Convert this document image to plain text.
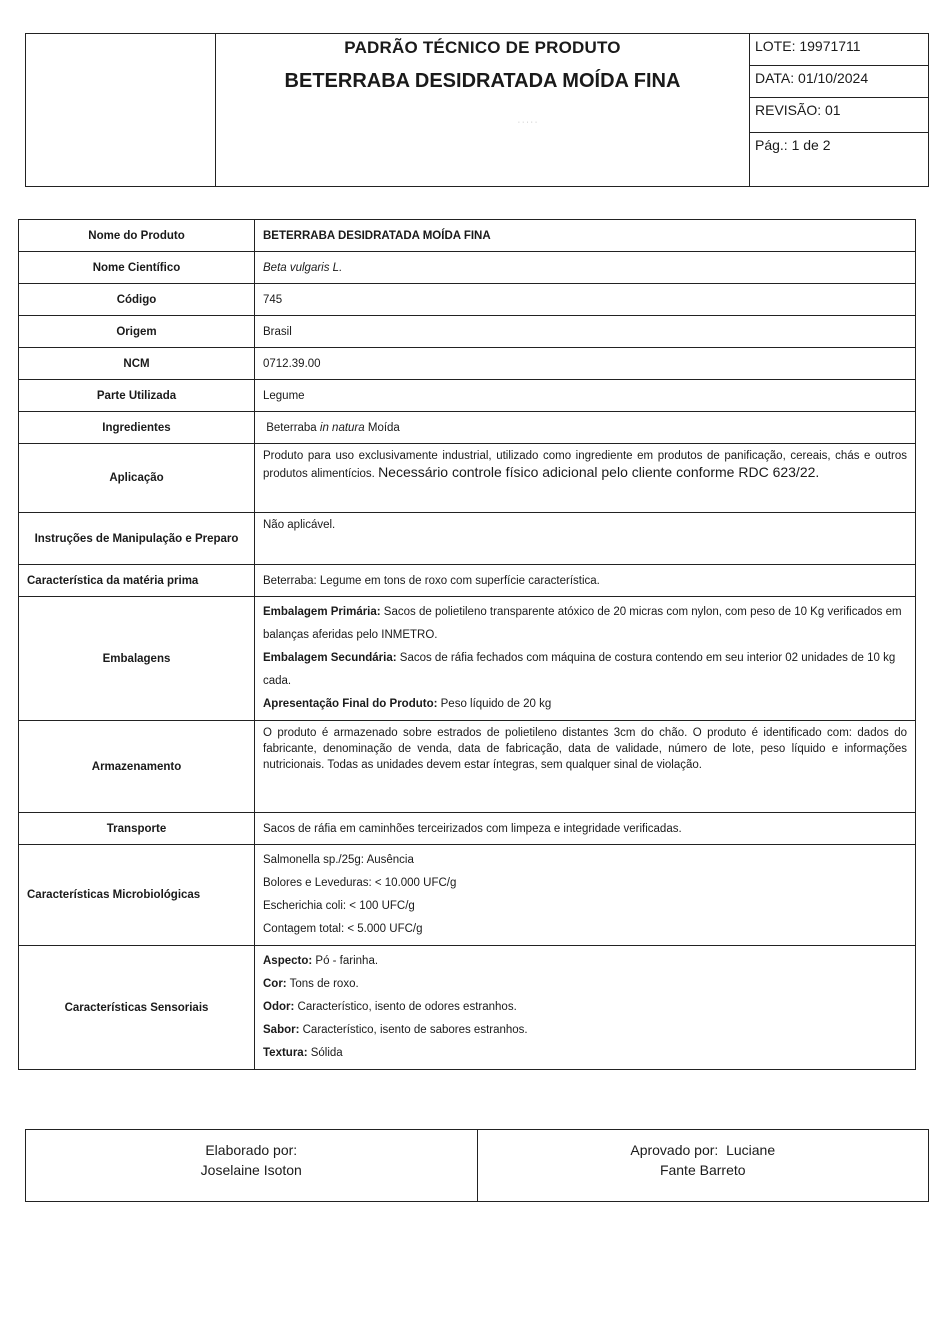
PADRÃO TÉCNICO DE PRODUTO
BETERRABA DESIDRATADA MOÍDA FINA
· · · · ·
LOTE: 19971711
DATA: 01/10/2024
REVISÃO: 01
Pág.: 1 de 2
Nome do Produto	BETERRABA DESIDRATADA MOÍDA FINA
Nome Científico	Beta vulgaris L.
Código	745
Origem	Brasil
NCM	0712.39.00
Parte Utilizada	Legume
Ingredientes	Beterraba in natura Moída
Aplicação	Produto para uso exclusivamente industrial, utilizado como ingrediente em produtos de panificação, cereais, chás e outros produtos alimentícios. Necessário controle físico adicional pelo cliente conforme RDC 623/22.
Instruções de Manipulação e Preparo	Não aplicável.
Característica da matéria prima	Beterraba: Legume em tons de roxo com superfície característica.
Embalagens	Embalagem Primária: Sacos de polietileno transparente atóxico de 20 micras com nylon, com peso de 10 Kg verificados em balanças aferidas pelo INMETRO.

Embalagem Secundária: Sacos de ráfia fechados com máquina de costura contendo em seu interior 02 unidades de 10 kg cada.

Apresentação Final do Produto: Peso líquido de 20 kg

Armazenamento	O produto é armazenado sobre estrados de polietileno distantes 3cm do chão. O produto é identificado com: dados do fabricante, denominação de venda, data de fabricação, data de validade, número de lote, peso líquido e informações nutricionais. Todas as unidades devem estar íntegras, sem qualquer sinal de violação.
Transporte	Sacos de ráfia em caminhões terceirizados com limpeza e integridade verificadas.
Características Microbiológicas	Salmonella sp./25g: Ausência

Bolores e Leveduras: < 10.000 UFC/g

Escherichia coli: < 100 UFC/g

Contagem total: < 5.000 UFC/g

Características Sensoriais	Aspecto: Pó - farinha.

Cor: Tons de roxo.

Odor: Característico, isento de odores estranhos.

Sabor: Característico, isento de sabores estranhos.

Textura: Sólida

Elaborado por:
Joselaine Isoton
Aprovado por:  Luciane
Fante Barreto
